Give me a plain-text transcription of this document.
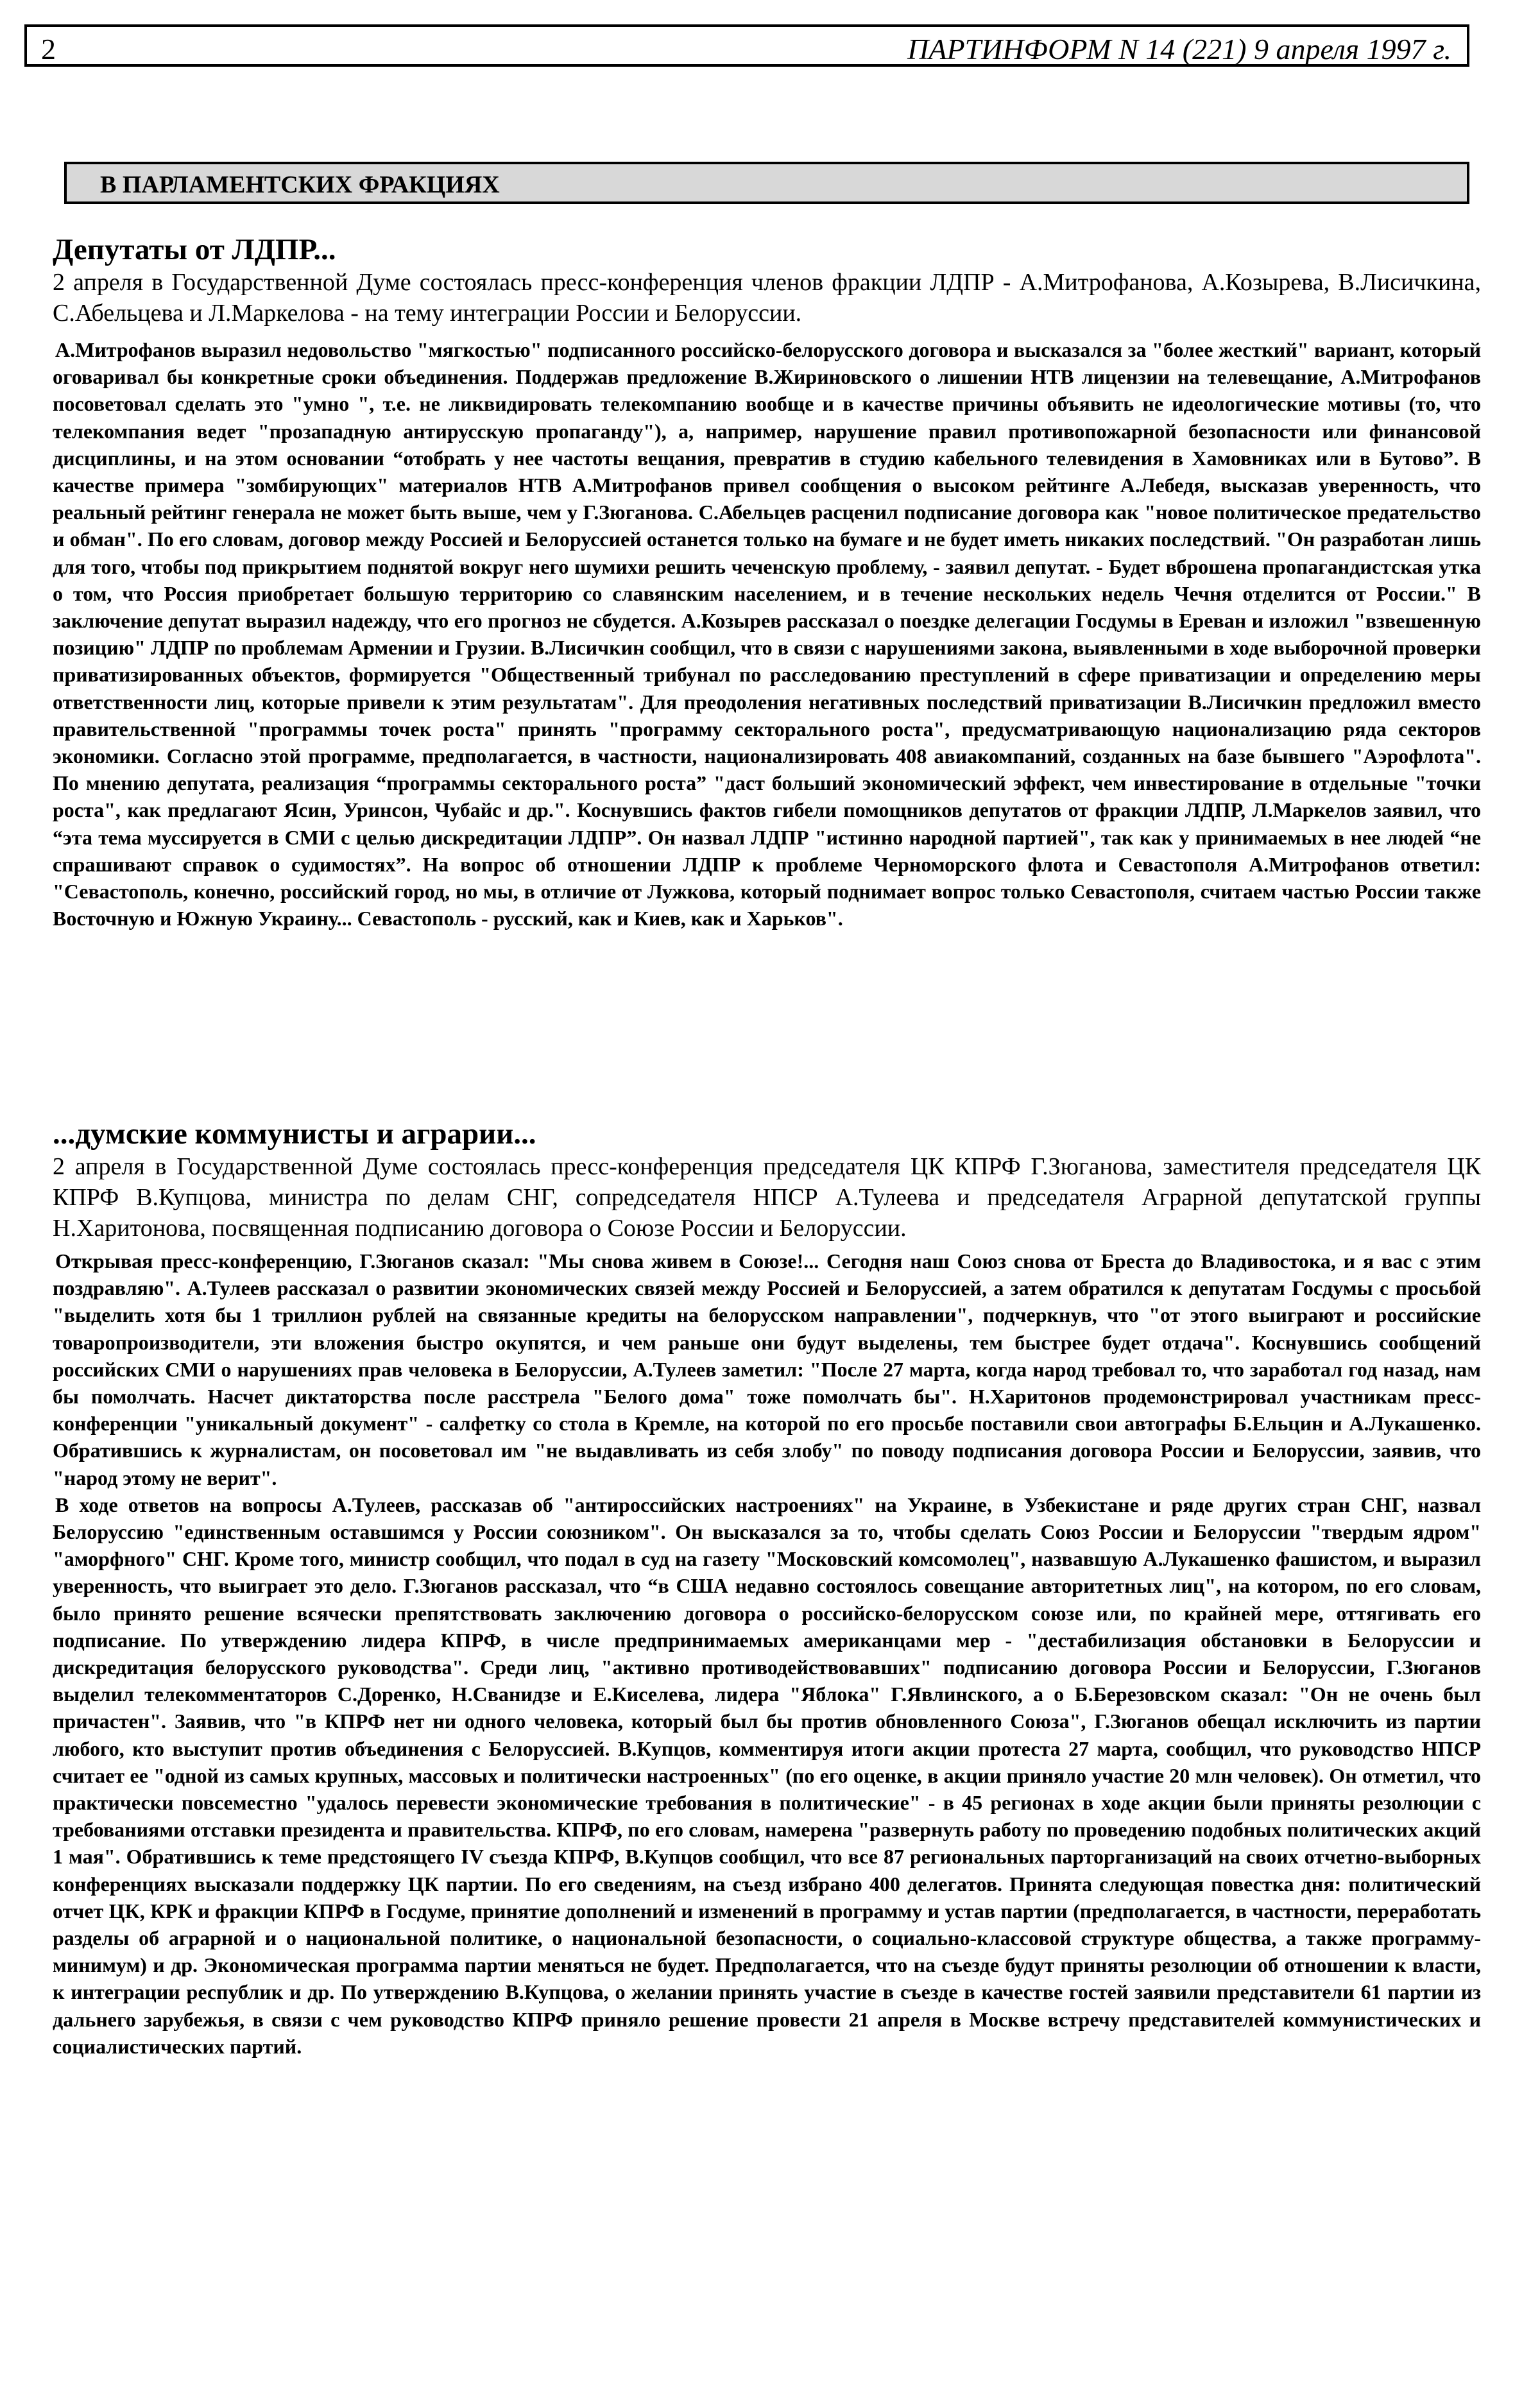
2	ПАРТИНФОРМ N 14 (221) 9 апреля 1997 г.
В ПАРЛАМЕНТСКИХ ФРАКЦИЯХ
Депутаты от ЛДПР...

2 апреля в Государственной Думе состоялась пресс-конференция членов фракции ЛДПР - А.Митрофанова, А.Козырева, В.Лисичкина, С.Абельцева и Л.Маркелова - на тему интеграции России и Белоруссии.

А.Митрофанов выразил недовольство "мягкостью" подписанного российско-белорусского договора и высказался за "более жесткий" вариант, который оговаривал бы конкретные сроки объединения. Поддержав предложение В.Жириновского о лишении НТВ лицензии на телевещание, А.Митрофанов посоветовал сделать это "умно ", т.е. не ликвидировать телекомпанию вообще и в качестве причины объявить не идеологические мотивы (то, что телекомпания ведет "прозападную антирусскую пропаганду"), а, например, нарушение правил противопожарной безопасности или финансовой дисциплины, и на этом основании “отобрать у нее частоты вещания, превратив в студию кабельного телевидения в Хамовниках или в Бутово”. В качестве примера "зомбирующих" материалов НТВ А.Митрофанов привел сообщения о высоком рейтинге А.Лебедя, высказав уверенность, что реальный рейтинг генерала не может быть выше, чем у Г.Зюганова. С.Абельцев расценил подписание договора как "новое политическое предательство и обман". По его словам, договор между Россией и Белоруссией останется только на бумаге и не будет иметь никаких последствий. "Он разработан лишь для того, чтобы под прикрытием поднятой вокруг него шумихи решить чеченскую проблему, - заявил депутат. - Будет вброшена пропагандистская утка о том, что Россия приобретает большую территорию со славянским населением, и в течение нескольких недель Чечня отделится от России." В заключение депутат выразил надежду, что его прогноз не сбудется. А.Козырев рассказал о поездке делегации Госдумы в Ереван и изложил "взвешенную позицию" ЛДПР по проблемам Армении и Грузии. В.Лисичкин сообщил, что в связи с нарушениями закона, выявленными в ходе выборочной проверки приватизированных объектов, формируется "Общественный трибунал по расследованию преступлений в сфере приватизации и определению меры ответственности лиц, которые привели к этим результатам". Для преодоления негативных последствий приватизации В.Лисичкин предложил вместо правительственной "программы точек роста" принять "программу секторального роста", предусматривающую национализацию ряда секторов экономики. Согласно этой программе, предполагается, в частности, национализировать 408 авиакомпаний, созданных на базе бывшего "Аэрофлота". По мнению депутата, реализация “программы секторального роста” "даст больший экономический эффект, чем инвестирование в отдельные "точки роста", как предлагают Ясин, Уринсон, Чубайс и др.". Коснувшись фактов гибели помощников депутатов от фракции ЛДПР, Л.Маркелов заявил, что “эта тема муссируется в СМИ с целью дискредитации ЛДПР”. Он назвал ЛДПР "истинно народной партией", так как у принимаемых в нее людей “не спрашивают справок о судимостях”. На вопрос об отношении ЛДПР к проблеме Черноморского флота и Севастополя А.Митрофанов ответил: "Севастополь, конечно, российский город, но мы, в отличие от Лужкова, который поднимает вопрос только Севастополя, считаем частью России также Восточную и Южную Украину... Севастополь - русский, как и Киев, как и Харьков".

...думские коммунисты и аграрии...

2 апреля в Государственной Думе состоялась пресс-конференция председателя ЦК КПРФ Г.Зюганова, заместителя председателя ЦК КПРФ В.Купцова, министра по делам СНГ, сопредседателя НПСР А.Тулеева и председателя Аграрной депутатской группы Н.Харитонова, посвященная подписанию договора о Союзе России и Белоруссии.

Открывая пресс-конференцию, Г.Зюганов сказал: "Мы снова живем в Союзе!... Сегодня наш Союз снова от Бреста до Владивостока, и я вас с этим поздравляю". А.Тулеев рассказал о развитии экономических связей между Россией и Белоруссией, а затем обратился к депутатам Госдумы с просьбой "выделить хотя бы 1 триллион рублей на связанные кредиты на белорусском направлении", подчеркнув, что "от этого выиграют и российские товаропроизводители, эти вложения быстро окупятся, и чем раньше они будут выделены, тем быстрее будет отдача". Коснувшись сообщений российских СМИ о нарушениях прав человека в Белоруссии, А.Тулеев заметил: "После 27 марта, когда народ требовал то, что заработал год назад, нам бы помолчать. Насчет диктаторства после расстрела "Белого дома" тоже помолчать бы". Н.Харитонов продемонстрировал участникам пресс-конференции "уникальный документ" - салфетку со стола в Кремле, на которой по его просьбе поставили свои автографы Б.Ельцин и А.Лукашенко. Обратившись к журналистам, он посоветовал им "не выдавливать из себя злобу" по поводу подписания договора России и Белоруссии, заявив, что "народ этому не верит".

В ходе ответов на вопросы А.Тулеев, рассказав об "антироссийских настроениях" на Украине, в Узбекистане и ряде других стран СНГ, назвал Белоруссию "единственным оставшимся у России союзником". Он высказался за то, чтобы сделать Союз России и Белоруссии "твердым ядром" "аморфного" СНГ. Кроме того, министр сообщил, что подал в суд на газету "Московский комсомолец", назвавшую А.Лукашенко фашистом, и выразил уверенность, что выиграет это дело. Г.Зюганов рассказал, что “в США недавно состоялось совещание авторитетных лиц", на котором, по его словам, было принято решение всячески препятствовать заключению договора о российско-белорусском союзе или, по крайней мере, оттягивать его подписание. По утверждению лидера КПРФ, в числе предпринимаемых американцами мер - "дестабилизация обстановки в Белоруссии и дискредитация белорусского руководства". Среди лиц, "активно противодействовавших" подписанию договора России и Белоруссии, Г.Зюганов выделил телекомментаторов С.Доренко, Н.Сванидзе и Е.Киселева, лидера "Яблока" Г.Явлинского, а о Б.Березовском сказал: "Он не очень был причастен". Заявив, что "в КПРФ нет ни одного человека, который был бы против обновленного Союза", Г.Зюганов обещал исключить из партии любого, кто выступит против объединения с Белоруссией. В.Купцов, комментируя итоги акции протеста 27 марта, сообщил, что руководство НПСР считает ее "одной из самых крупных, массовых и политически настроенных" (по его оценке, в акции приняло участие 20 млн человек). Он отметил, что практически повсеместно "удалось перевести экономические требования в политические" - в 45 регионах в ходе акции были приняты резолюции с требованиями отставки президента и правительства. КПРФ, по его словам, намерена "развернуть работу по проведению подобных политических акций 1 мая". Обратившись к теме предстоящего IV съезда КПРФ, В.Купцов сообщил, что все 87 региональных парторганизаций на своих отчетно-выборных конференциях высказали поддержку ЦК партии. По его сведениям, на съезд избрано 400 делегатов. Принята следующая повестка дня: политический отчет ЦК, КРК и фракции КПРФ в Госдуме, принятие дополнений и изменений в программу и устав партии (предполагается, в частности, переработать разделы об аграрной и о национальной политике, о национальной безопасности, о социально-классовой структуре общества, а также программу-минимум) и др. Экономическая программа партии меняться не будет. Предполагается, что на съезде будут приняты резолюции об отношении к власти, к интеграции республик и др. По утверждению В.Купцова, о желании принять участие в съезде в качестве гостей заявили представители 61 партии из дальнего зарубежья, в связи с чем руководство КПРФ приняло решение провести 21 апреля в Москве встречу представителей коммунистических и социалистических партий.
